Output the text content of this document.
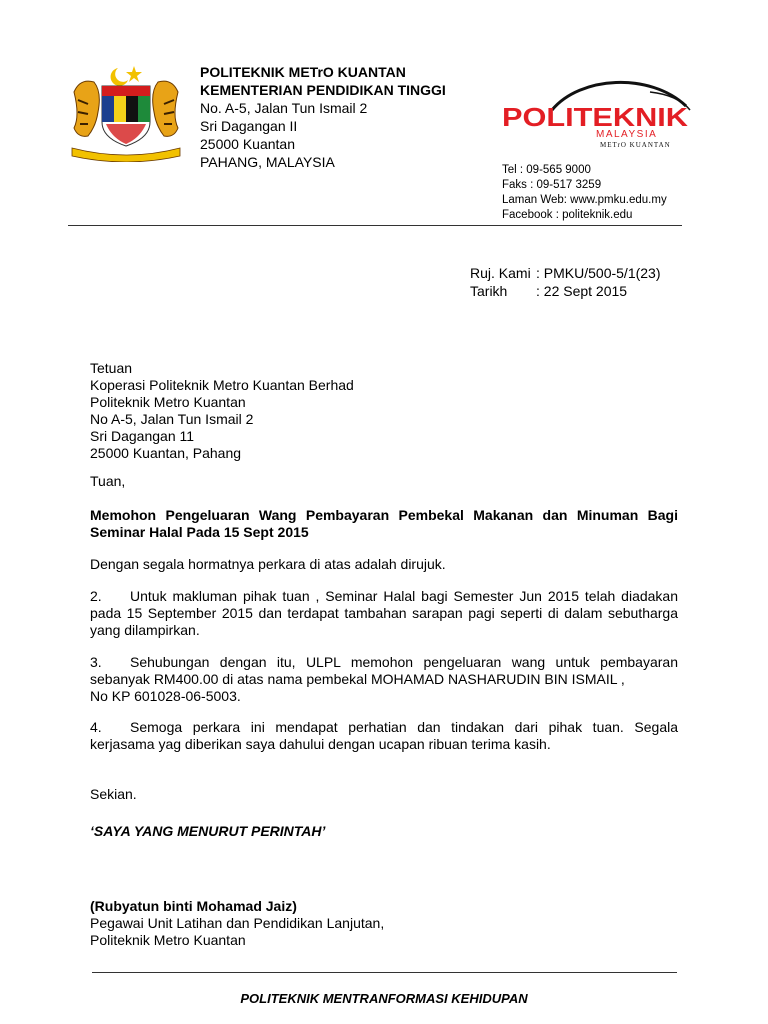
POLITEKNIK METrO KUANTAN
KEMENTERIAN PENDIDIKAN TINGGI
No. A-5, Jalan Tun Ismail 2
Sri Dagangan II
25000 Kuantan
PAHANG, MALAYSIA
POLITEKNIK
MALAYSIA
METrO KUANTAN
Tel : 09-565 9000
Faks : 09-517 3259
Laman Web: www.pmku.edu.my
Facebook : politeknik.edu
Ruj. Kami	: PMKU/500-5/1(23)
Tarikh	: 22 Sept 2015
Tetuan
Koperasi Politeknik Metro Kuantan Berhad
Politeknik Metro Kuantan
No A-5, Jalan Tun Ismail 2
Sri Dagangan 11
25000 Kuantan, Pahang
Tuan,
Memohon Pengeluaran Wang Pembayaran Pembekal Makanan dan Minuman Bagi Seminar Halal Pada 15 Sept 2015
Dengan segala hormatnya perkara di atas adalah dirujuk.
2. Untuk makluman pihak tuan , Seminar Halal bagi Semester Jun 2015 telah diadakan pada 15 September 2015 dan terdapat tambahan sarapan pagi seperti di dalam sebutharga yang dilampirkan.
3. Sehubungan dengan itu, ULPL memohon pengeluaran wang untuk pembayaran sebanyak RM400.00 di atas nama pembekal MOHAMAD NASHARUDIN BIN ISMAIL ,
No KP 601028-06-5003.
4. Semoga perkara ini mendapat perhatian dan tindakan dari pihak tuan. Segala kerjasama yag diberikan saya dahului dengan ucapan ribuan terima kasih.
Sekian.
‘SAYA YANG MENURUT PERINTAH’
(Rubyatun binti Mohamad Jaiz)
Pegawai Unit Latihan dan Pendidikan Lanjutan,
Politeknik Metro Kuantan
POLITEKNIK MENTRANFORMASI KEHIDUPAN
